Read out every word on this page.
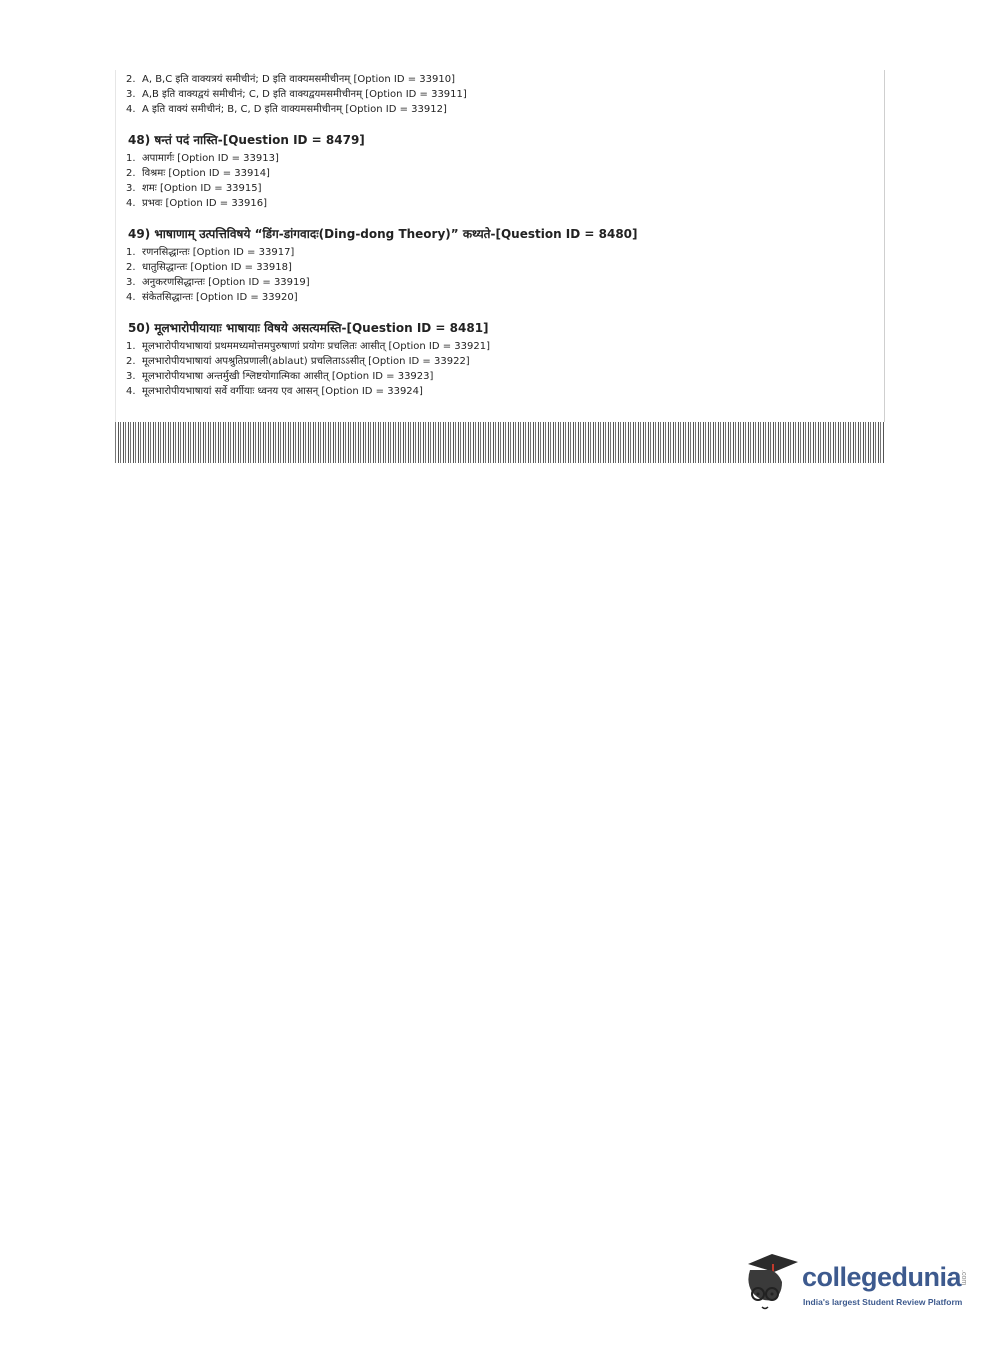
2. A, B,C इति वाक्यत्रयं समीचीनं; D इति वाक्यमसमीचीनम् [Option ID = 33910]
3. A,B इति वाक्यद्वयं समीचीनं; C, D इति वाक्यद्वयमसमीचीनम् [Option ID = 33911]
4. A इति वाक्यं समीचीनं; B, C, D इति वाक्यमसमीचीनम् [Option ID = 33912]
48) षन्तं पदं नास्ति-[Question ID = 8479]
1. अपामार्गः [Option ID = 33913]
2. विश्रमः [Option ID = 33914]
3. शमः [Option ID = 33915]
4. प्रभवः [Option ID = 33916]
49) भाषाणाम् उत्पत्तिविषये “डिंग-डांगवादः(Ding-dong Theory)” कथ्यते-[Question ID = 8480]
1. रणनसिद्धान्तः [Option ID = 33917]
2. धातुसिद्धान्तः [Option ID = 33918]
3. अनुकरणसिद्धान्तः [Option ID = 33919]
4. संकेतसिद्धान्तः [Option ID = 33920]
50) मूलभारोपीयायाः भाषायाः विषये असत्यमस्ति-[Question ID = 8481]
1. मूलभारोपीयभाषायां प्रथममध्यमोत्तमपुरुषाणां प्रयोगः प्रचलितः आसीत् [Option ID = 33921]
2. मूलभारोपीयभाषायां अपश्रुतिप्रणाली(ablaut) प्रचलिताऽऽसीत् [Option ID = 33922]
3. मूलभारोपीयभाषा अन्तर्मुखी श्लिष्टयोगात्मिका आसीत् [Option ID = 33923]
4. मूलभारोपीयभाषायां सर्वे वर्गीयाः ध्वनय एव आसन् [Option ID = 33924]
collegedunia
.com
India's largest Student Review Platform
